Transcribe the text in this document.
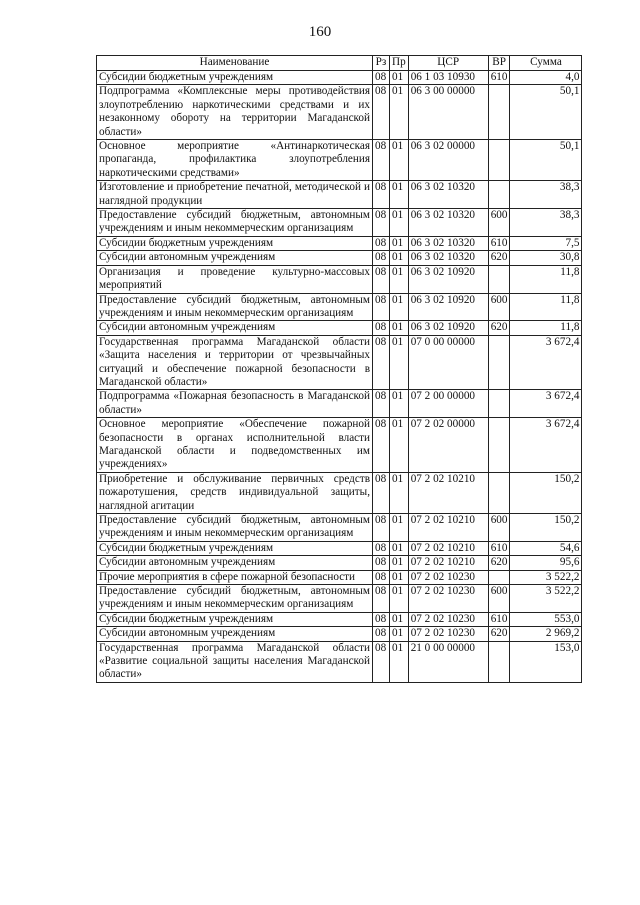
160
Наименование	Рз	Пр	ЦСР	ВР	Сумма
Субсидии бюджетным учреждениям	08	01	06 1 03 10930	610	4,0
Подпрограмма «Комплексные меры противодействия злоупотреблению наркотическими средствами и их незаконному обороту на территории Магаданской области»	08	01	06 3 00 00000		50,1
Основное мероприятие «Антинаркотическая пропаганда, профилактика злоупотребления наркотическими средствами»	08	01	06 3 02 00000		50,1
Изготовление и приобретение печатной, методической и наглядной продукции	08	01	06 3 02 10320		38,3
Предоставление субсидий бюджетным, автономным учреждениям и иным некоммерческим организациям	08	01	06 3 02 10320	600	38,3
Субсидии бюджетным учреждениям	08	01	06 3 02 10320	610	7,5
Субсидии автономным учреждениям	08	01	06 3 02 10320	620	30,8
Организация и проведение культурно-массовых мероприятий	08	01	06 3 02 10920		11,8
Предоставление субсидий бюджетным, автономным учреждениям и иным некоммерческим организациям	08	01	06 3 02 10920	600	11,8
Субсидии автономным учреждениям	08	01	06 3 02 10920	620	11,8
Государственная программа Магаданской области «Защита населения и территории от чрезвычайных ситуаций и обеспечение пожарной безопасности в Магаданской области»	08	01	07 0 00 00000		3 672,4
Подпрограмма «Пожарная безопасность в Магаданской области»	08	01	07 2 00 00000		3 672,4
Основное мероприятие «Обеспечение пожарной безопасности в органах исполнительной власти Магаданской области и подведомственных им учреждениях»	08	01	07 2 02 00000		3 672,4
Приобретение и обслуживание первичных средств пожаротушения, средств индивидуальной защиты, наглядной агитации	08	01	07 2 02 10210		150,2
Предоставление субсидий бюджетным, автономным учреждениям и иным некоммерческим организациям	08	01	07 2 02 10210	600	150,2
Субсидии бюджетным учреждениям	08	01	07 2 02 10210	610	54,6
Субсидии автономным учреждениям	08	01	07 2 02 10210	620	95,6
Прочие мероприятия в сфере пожарной безопасности	08	01	07 2 02 10230		3 522,2
Предоставление субсидий бюджетным, автономным учреждениям и иным некоммерческим организациям	08	01	07 2 02 10230	600	3 522,2
Субсидии бюджетным учреждениям	08	01	07 2 02 10230	610	553,0
Субсидии автономным учреждениям	08	01	07 2 02 10230	620	2 969,2
Государственная программа Магаданской области «Развитие социальной защиты населения Магаданской области»	08	01	21 0 00 00000		153,0
